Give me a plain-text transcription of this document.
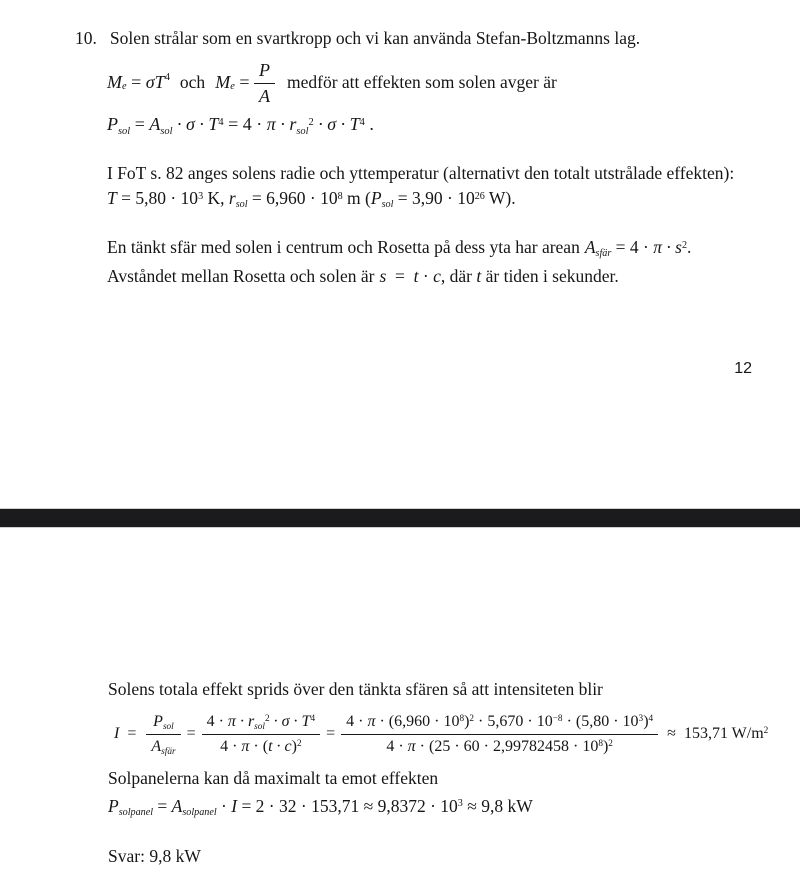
10. Solen strålar som en svartkropp och vi kan använda Stefan-Boltzmanns lag.
M e = σT 4 och M $e = \frac{P}{A}$ medför att effekten som solen avger är
$P_{sol} = A_{sol} \cdot \sigma \cdot T^4 = 4 \cdot \pi \cdot r_{sol}^2 \cdot \sigma \cdot T^4$ .

I FoT s. 82 anges solens radie och yttemperatur (alternativt den totalt utstrålade effekten):

$T = 5,80 \cdot 10^3$ K, $r_{sol} = 6,960 \cdot 10^8$ m ($P_{sol} = 3,90 \cdot 10^{26}$ W).

En tänkt sfär med solen i centrum och Rosetta på dess yta har arean $A_{sfär} = 4 \cdot \pi \cdot s^2$.

Avståndet mellan Rosetta och solen är s  =  t · c, där t är tiden i sekunder.

12

Solens totala effekt sprids över den tänkta sfären så att intensiteten blir

$I = \frac{P_{sol}}{A_{sfär}} = \frac{4 \cdot \pi \cdot r_{sol}^2 \cdot \sigma \cdot T^4}{4 \cdot \pi \cdot (t \cdot c)^2} = \frac{4 \cdot \pi \cdot (6,960 \cdot 10^8)^2 \cdot 5,670 \cdot 10^{-8} \cdot (5,80 \cdot 10^3)^4}{4 \cdot \pi \cdot (25 \cdot 60 \cdot 2,99782458 \cdot 10^8)^2} \approx 153,71$ $W/m^2$

Solpanelerna kan då maximalt ta emot effekten

$P_{solpanel} = A_{solpanel} \cdot I = 2 \cdot 32 \cdot 153,71 \approx 9,8372 \cdot 10^3 \approx 9,8$ kW

Svar: 9,8 kW
